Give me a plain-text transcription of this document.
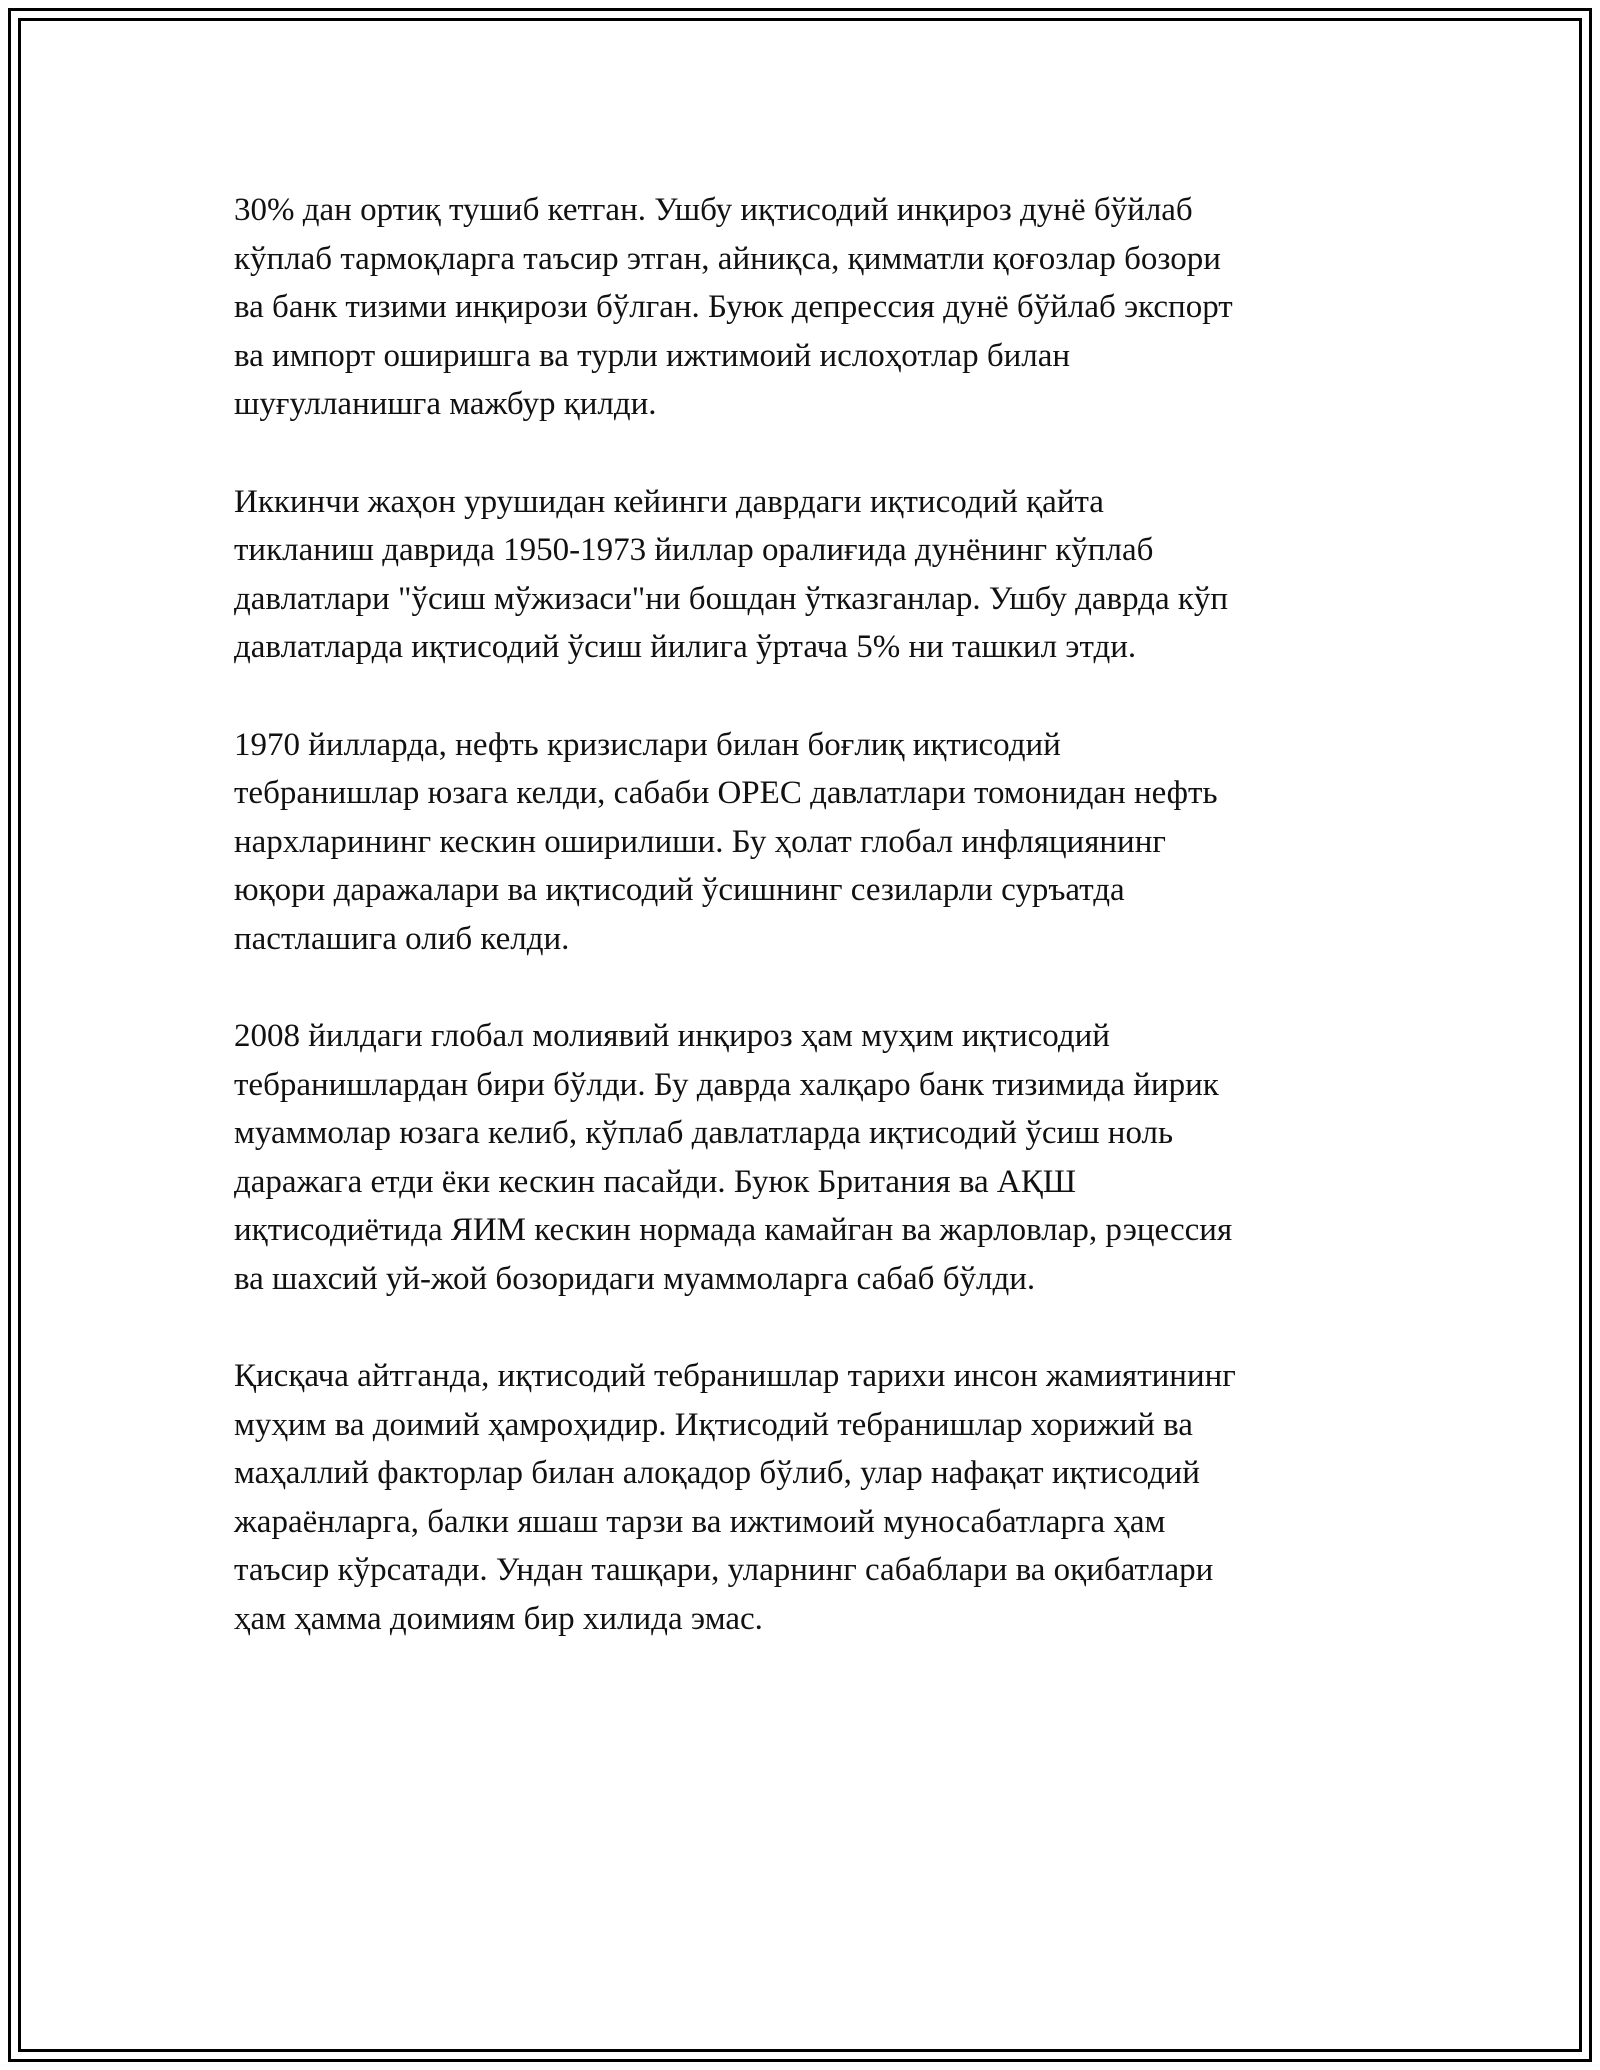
30% дан ортиқ тушиб кетган. Ушбу иқтисодий инқироз дунё бўйлаб
кўплаб тармоқларга таъсир этган, айниқса, қимматли қоғозлар бозори
ва банк тизими инқирози бўлган. Буюк депрессия дунё бўйлаб экспорт
ва импорт оширишга ва турли ижтимоий ислоҳотлар билан
шуғулланишга мажбур қилди.

Иккинчи жаҳон урушидан кейинги даврдаги иқтисодий қайта
тикланиш даврида 1950-1973 йиллар оралиғида дунёнинг кўплаб
давлатлари "ўсиш мўжизаси"ни бошдан ўтказганлар. Ушбу даврда кўп
давлатларда иқтисодий ўсиш йилига ўртача 5% ни ташкил этди.

1970 йилларда, нефть кризислари билан боғлиқ иқтисодий
тебранишлар юзага келди, сабаби OPEC давлатлари томонидан нефть
нархларининг кескин оширилиши. Бу ҳолат глобал инфляциянинг
юқори даражалари ва иқтисодий ўсишнинг сезиларли суръатда
пастлашига олиб келди.

2008 йилдаги глобал молиявий инқироз ҳам муҳим иқтисодий
тебранишлардан бири бўлди. Бу даврда халқаро банк тизимида йирик
муаммолар юзага келиб, кўплаб давлатларда иқтисодий ўсиш ноль
даражага етди ёки кескин пасайди. Буюк Британия ва АҚШ
иқтисодиётида ЯИМ кескин нормада камайган ва жарловлар, рэцессия
ва шахсий уй-жой бозоридаги муаммоларга сабаб бўлди.

Қисқача айтганда, иқтисодий тебранишлар тарихи инсон жамиятининг
муҳим ва доимий ҳамроҳидир. Иқтисодий тебранишлар хорижий ва
маҳаллий факторлар билан алоқадор бўлиб, улар нафақат иқтисодий
жараёнларга, балки яшаш тарзи ва ижтимоий муносабатларга ҳам
таъсир кўрсатади. Ундан ташқари, уларнинг сабаблари ва оқибатлари
ҳам ҳамма доимиям бир хилида эмас.
